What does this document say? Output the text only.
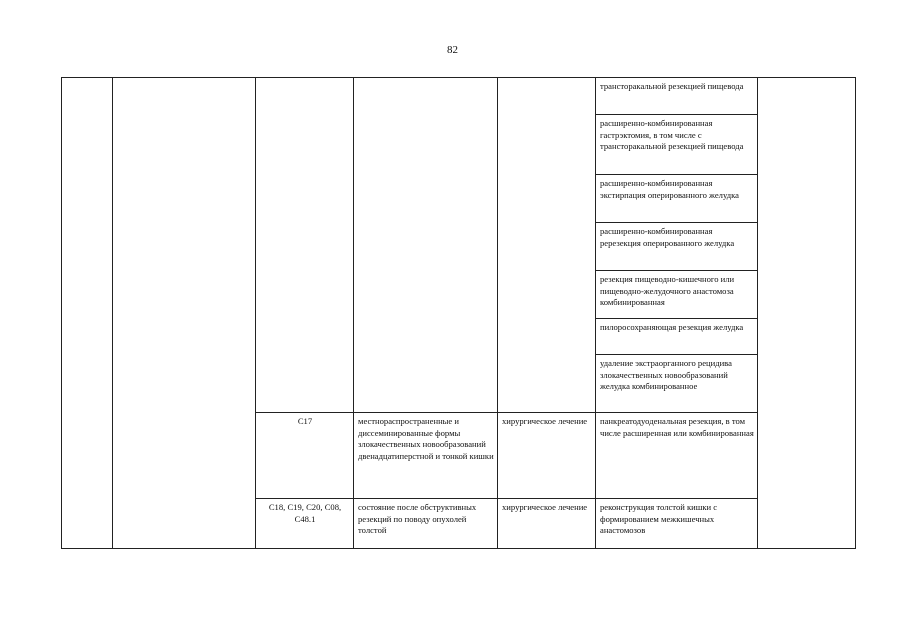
82
					трансторакальной резекцией пищевода	
					расширенно-комбинированная гастрэктомия, в том числе с трансторакальной резекцией пищевода	
					расширенно-комбинированная экстирпация оперированного желудка	
					расширенно-комбинированная ререзекция оперированного желудка	
					резекция пищеводно-кишечного или пищеводно-желудочного анастомоза комбинированная	
					пилоросохраняющая резекция желудка	
					удаление экстраорганного рецидива злокачественных новообразований желудка комбинированное	
		С17	местнораспространенные и диссеминированные формы злокачественных новообразований двенадцатиперстной и тонкой кишки	хирургическое лечение	панкреатодуоденальная резекция, в том числе расширенная или комбинированная	
		С18, С19, С20, С08, С48.1	состояние после обструктивных резекций по поводу опухолей толстой	хирургическое лечение	реконструкция толстой кишки с формированием межкишечных анастомозов	
